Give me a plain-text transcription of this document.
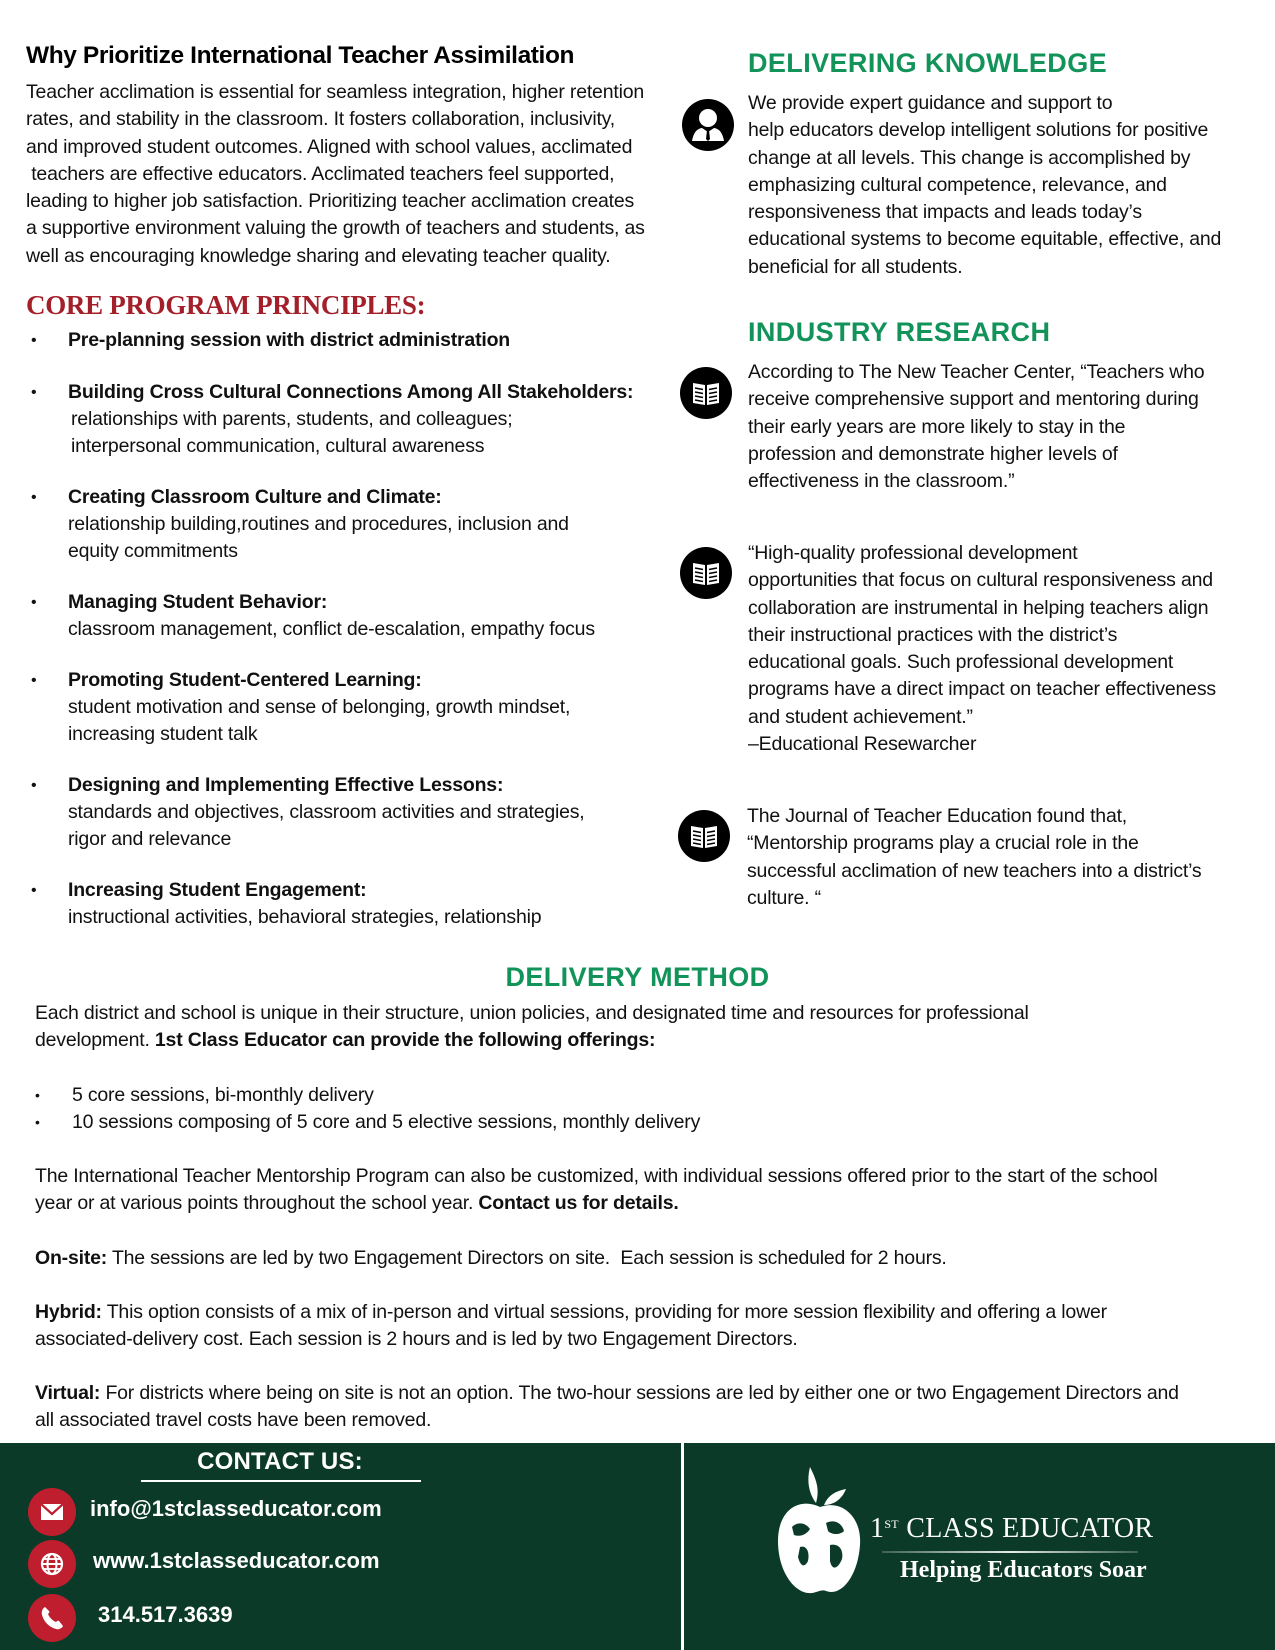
Why Prioritize International Teacher Assimilation
Teacher acclimation is essential for seamless integration, higher retention
rates, and stability in the classroom. It fosters collaboration, inclusivity,
and improved student outcomes. Aligned with school values, acclimated
teachers are effective educators. Acclimated teachers feel supported,
leading to higher job satisfaction. Prioritizing teacher acclimation creates
a supportive environment valuing the growth of teachers and students, as
well as encouraging knowledge sharing and elevating teacher quality.
CORE PROGRAM PRINCIPLES:
• Pre-planning session with district administration
• Building Cross Cultural Connections Among All Stakeholders:
relationships with parents, students, and colleagues;
interpersonal communication, cultural awareness
• Creating Classroom Culture and Climate:
relationship building,routines and procedures, inclusion and
equity commitments
• Managing Student Behavior:
classroom management, conflict de-escalation, empathy focus
• Promoting Student-Centered Learning:
student motivation and sense of belonging, growth mindset,
increasing student talk
• Designing and Implementing Effective Lessons:
standards and objectives, classroom activities and strategies,
rigor and relevance
• Increasing Student Engagement:
instructional activities, behavioral strategies, relationship
DELIVERING KNOWLEDGE
We provide expert guidance and support to
help educators develop intelligent solutions for positive
change at all levels. This change is accomplished by
emphasizing cultural competence, relevance, and
responsiveness that impacts and leads today’s
educational systems to become equitable, effective, and
beneficial for all students.
INDUSTRY RESEARCH
According to The New Teacher Center, “Teachers who
receive comprehensive support and mentoring during
their early years are more likely to stay in the
profession and demonstrate higher levels of
effectiveness in the classroom.”
“High-quality professional development
opportunities that focus on cultural responsiveness and
collaboration are instrumental in helping teachers align
their instructional practices with the district’s
educational goals. Such professional development
programs have a direct impact on teacher effectiveness
and student achievement.”
–Educational Resewarcher
The Journal of Teacher Education found that,
“Mentorship programs play a crucial role in the
successful acclimation of new teachers into a district’s
culture. “
DELIVERY METHOD
Each district and school is unique in their structure, union policies, and designated time and resources for professional
development. 1st Class Educator can provide the following offerings:
• 5 core sessions, bi-monthly delivery
• 10 sessions composing of 5 core and 5 elective sessions, monthly delivery
The International Teacher Mentorship Program can also be customized, with individual sessions offered prior to the start of the school
year or at various points throughout the school year. Contact us for details.
On-site: The sessions are led by two Engagement Directors on site.  Each session is scheduled for 2 hours.
Hybrid: This option consists of a mix of in-person and virtual sessions, providing for more session flexibility and offering a lower
associated-delivery cost. Each session is 2 hours and is led by two Engagement Directors.
Virtual: For districts where being on site is not an option. The two-hour sessions are led by either one or two Engagement Directors and
all associated travel costs have been removed.
CONTACT US:
info@1stclasseducator.com
www.1stclasseducator.com
314.517.3639
1ST CLASS EDUCATOR
Helping Educators Soar
